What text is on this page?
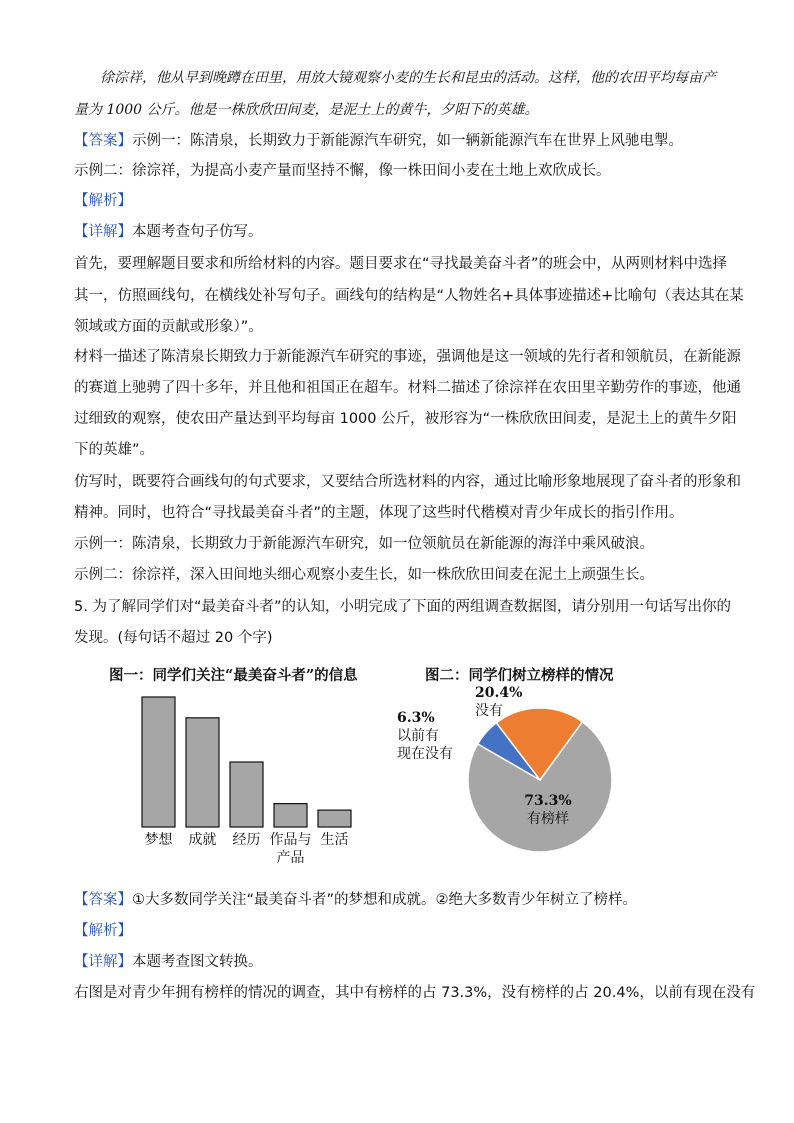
徐淙祥，他从早到晚蹲在田里，用放大镜观察小麦的生长和昆虫的活动。这样，他的农田平均每亩产
量为 1000 公斤。他是一株欣欣田间麦，是泥土上的黄牛，夕阳下的英雄。
【答案】示例一：陈清泉，长期致力于新能源汽车研究，如一辆新能源汽车在世界上风驰电掣。
示例二：徐淙祥，为提高小麦产量而坚持不懈，像一株田间小麦在土地上欢欣成长。
【解析】
【详解】本题考查句子仿写。
首先，要理解题目要求和所给材料的内容。题目要求在“寻找最美奋斗者”的班会中，从两则材料中选择
其一，仿照画线句，在横线处补写句子。画线句的结构是“人物姓名+具体事迹描述+比喻句（表达其在某
领域或方面的贡献或形象）”。
材料一描述了陈清泉长期致力于新能源汽车研究的事迹，强调他是这一领域的先行者和领航员，在新能源
的赛道上驰骋了四十多年，并且他和祖国正在超车。材料二描述了徐淙祥在农田里辛勤劳作的事迹，他通
过细致的观察，使农田产量达到平均每亩 1000 公斤，被形容为“一株欣欣田间麦，是泥土上的黄牛夕阳
下的英雄”。
仿写时，既要符合画线句的句式要求，又要结合所选材料的内容，通过比喻形象地展现了奋斗者的形象和
精神。同时，也符合“寻找最美奋斗者”的主题，体现了这些时代楷模对青少年成长的指引作用。
示例一：陈清泉，长期致力于新能源汽车研究，如一位领航员在新能源的海洋中乘风破浪。
示例二：徐淙祥，深入田间地头细心观察小麦生长，如一株欣欣田间麦在泥土上顽强生长。
5. 为了解同学们对“最美奋斗者”的认知，小明完成了下面的两组调查数据图，请分别用一句话写出你的
发现。(每句话不超过 20 个字)
图一：同学们关注“最美奋斗者”的信息	图二：同学们树立榜样的情况
梦想 成就 经历 作品与
产品
生活
6.3%
以前有
现在没有
20.4%
没有
73.3%
有榜样
【答案】①大多数同学关注“最美奋斗者”的梦想和成就。②绝大多数青少年树立了榜样。
【解析】
【详解】本题考查图文转换。
右图是对青少年拥有榜样的情况的调查，其中有榜样的占 73.3%，没有榜样的占 20.4%，以前有现在没有
